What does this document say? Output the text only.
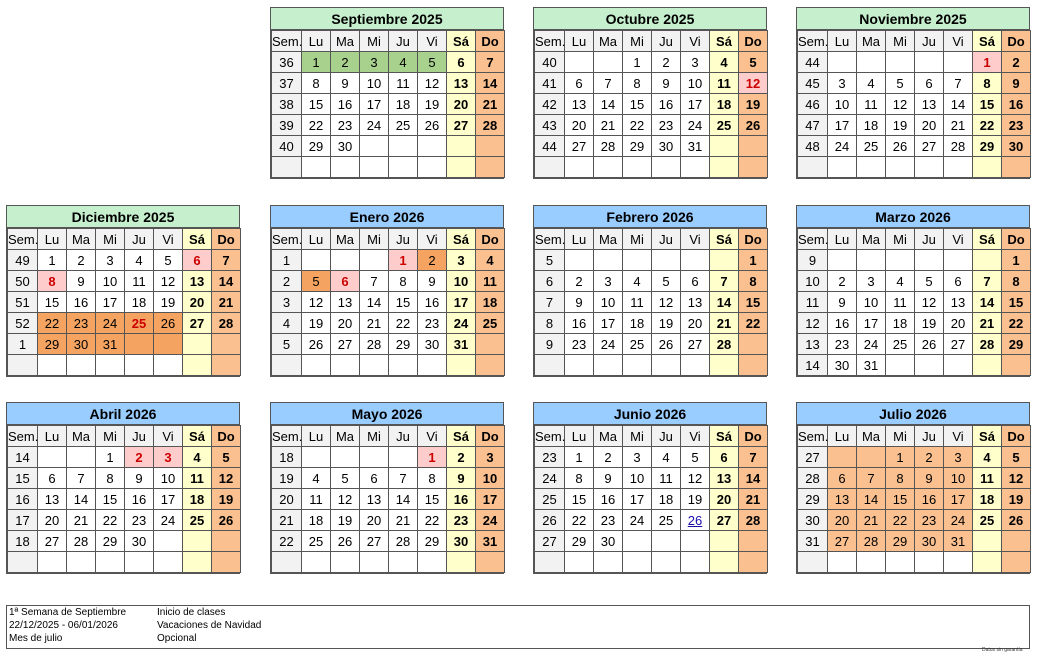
Septiembre 2025
Sem.	Lu	Ma	Mi	Ju	Vi	Sá	Do
36	1	2	3	4	5	6	7
37	8	9	10	11	12	13	14
38	15	16	17	18	19	20	21
39	22	23	24	25	26	27	28
40	29	30					

Octubre 2025
Sem.	Lu	Ma	Mi	Ju	Vi	Sá	Do
40			1	2	3	4	5
41	6	7	8	9	10	11	12
42	13	14	15	16	17	18	19
43	20	21	22	23	24	25	26
44	27	28	29	30	31		

Noviembre 2025
Sem.	Lu	Ma	Mi	Ju	Vi	Sá	Do
44						1	2
45	3	4	5	6	7	8	9
46	10	11	12	13	14	15	16
47	17	18	19	20	21	22	23
48	24	25	26	27	28	29	30

Diciembre 2025
Sem.	Lu	Ma	Mi	Ju	Vi	Sá	Do
49	1	2	3	4	5	6	7
50	8	9	10	11	12	13	14
51	15	16	17	18	19	20	21
52	22	23	24	25	26	27	28
1	29	30	31				

Enero 2026
Sem.	Lu	Ma	Mi	Ju	Vi	Sá	Do
1				1	2	3	4
2	5	6	7	8	9	10	11
3	12	13	14	15	16	17	18
4	19	20	21	22	23	24	25
5	26	27	28	29	30	31	

Febrero 2026
Sem.	Lu	Ma	Mi	Ju	Vi	Sá	Do
5							1
6	2	3	4	5	6	7	8
7	9	10	11	12	13	14	15
8	16	17	18	19	20	21	22
9	23	24	25	26	27	28	

Marzo 2026
Sem.	Lu	Ma	Mi	Ju	Vi	Sá	Do
9							1
10	2	3	4	5	6	7	8
11	9	10	11	12	13	14	15
12	16	17	18	19	20	21	22
13	23	24	25	26	27	28	29
14	30	31					
Abril 2026
Sem.	Lu	Ma	Mi	Ju	Vi	Sá	Do
14			1	2	3	4	5
15	6	7	8	9	10	11	12
16	13	14	15	16	17	18	19
17	20	21	22	23	24	25	26
18	27	28	29	30			

Mayo 2026
Sem.	Lu	Ma	Mi	Ju	Vi	Sá	Do
18					1	2	3
19	4	5	6	7	8	9	10
20	11	12	13	14	15	16	17
21	18	19	20	21	22	23	24
22	25	26	27	28	29	30	31

Junio 2026
Sem.	Lu	Ma	Mi	Ju	Vi	Sá	Do
23	1	2	3	4	5	6	7
24	8	9	10	11	12	13	14
25	15	16	17	18	19	20	21
26	22	23	24	25	26	27	28
27	29	30					

Julio 2026
Sem.	Lu	Ma	Mi	Ju	Vi	Sá	Do
27			1	2	3	4	5
28	6	7	8	9	10	11	12
29	13	14	15	16	17	18	19
30	20	21	22	23	24	25	26
31	27	28	29	30	31		

1ª Semana de Septiembre	Inicio de clases
22/12/2025 - 06/01/2026	Vacaciones de Navidad
Mes de julio	Opcional
Datos sin garantía
